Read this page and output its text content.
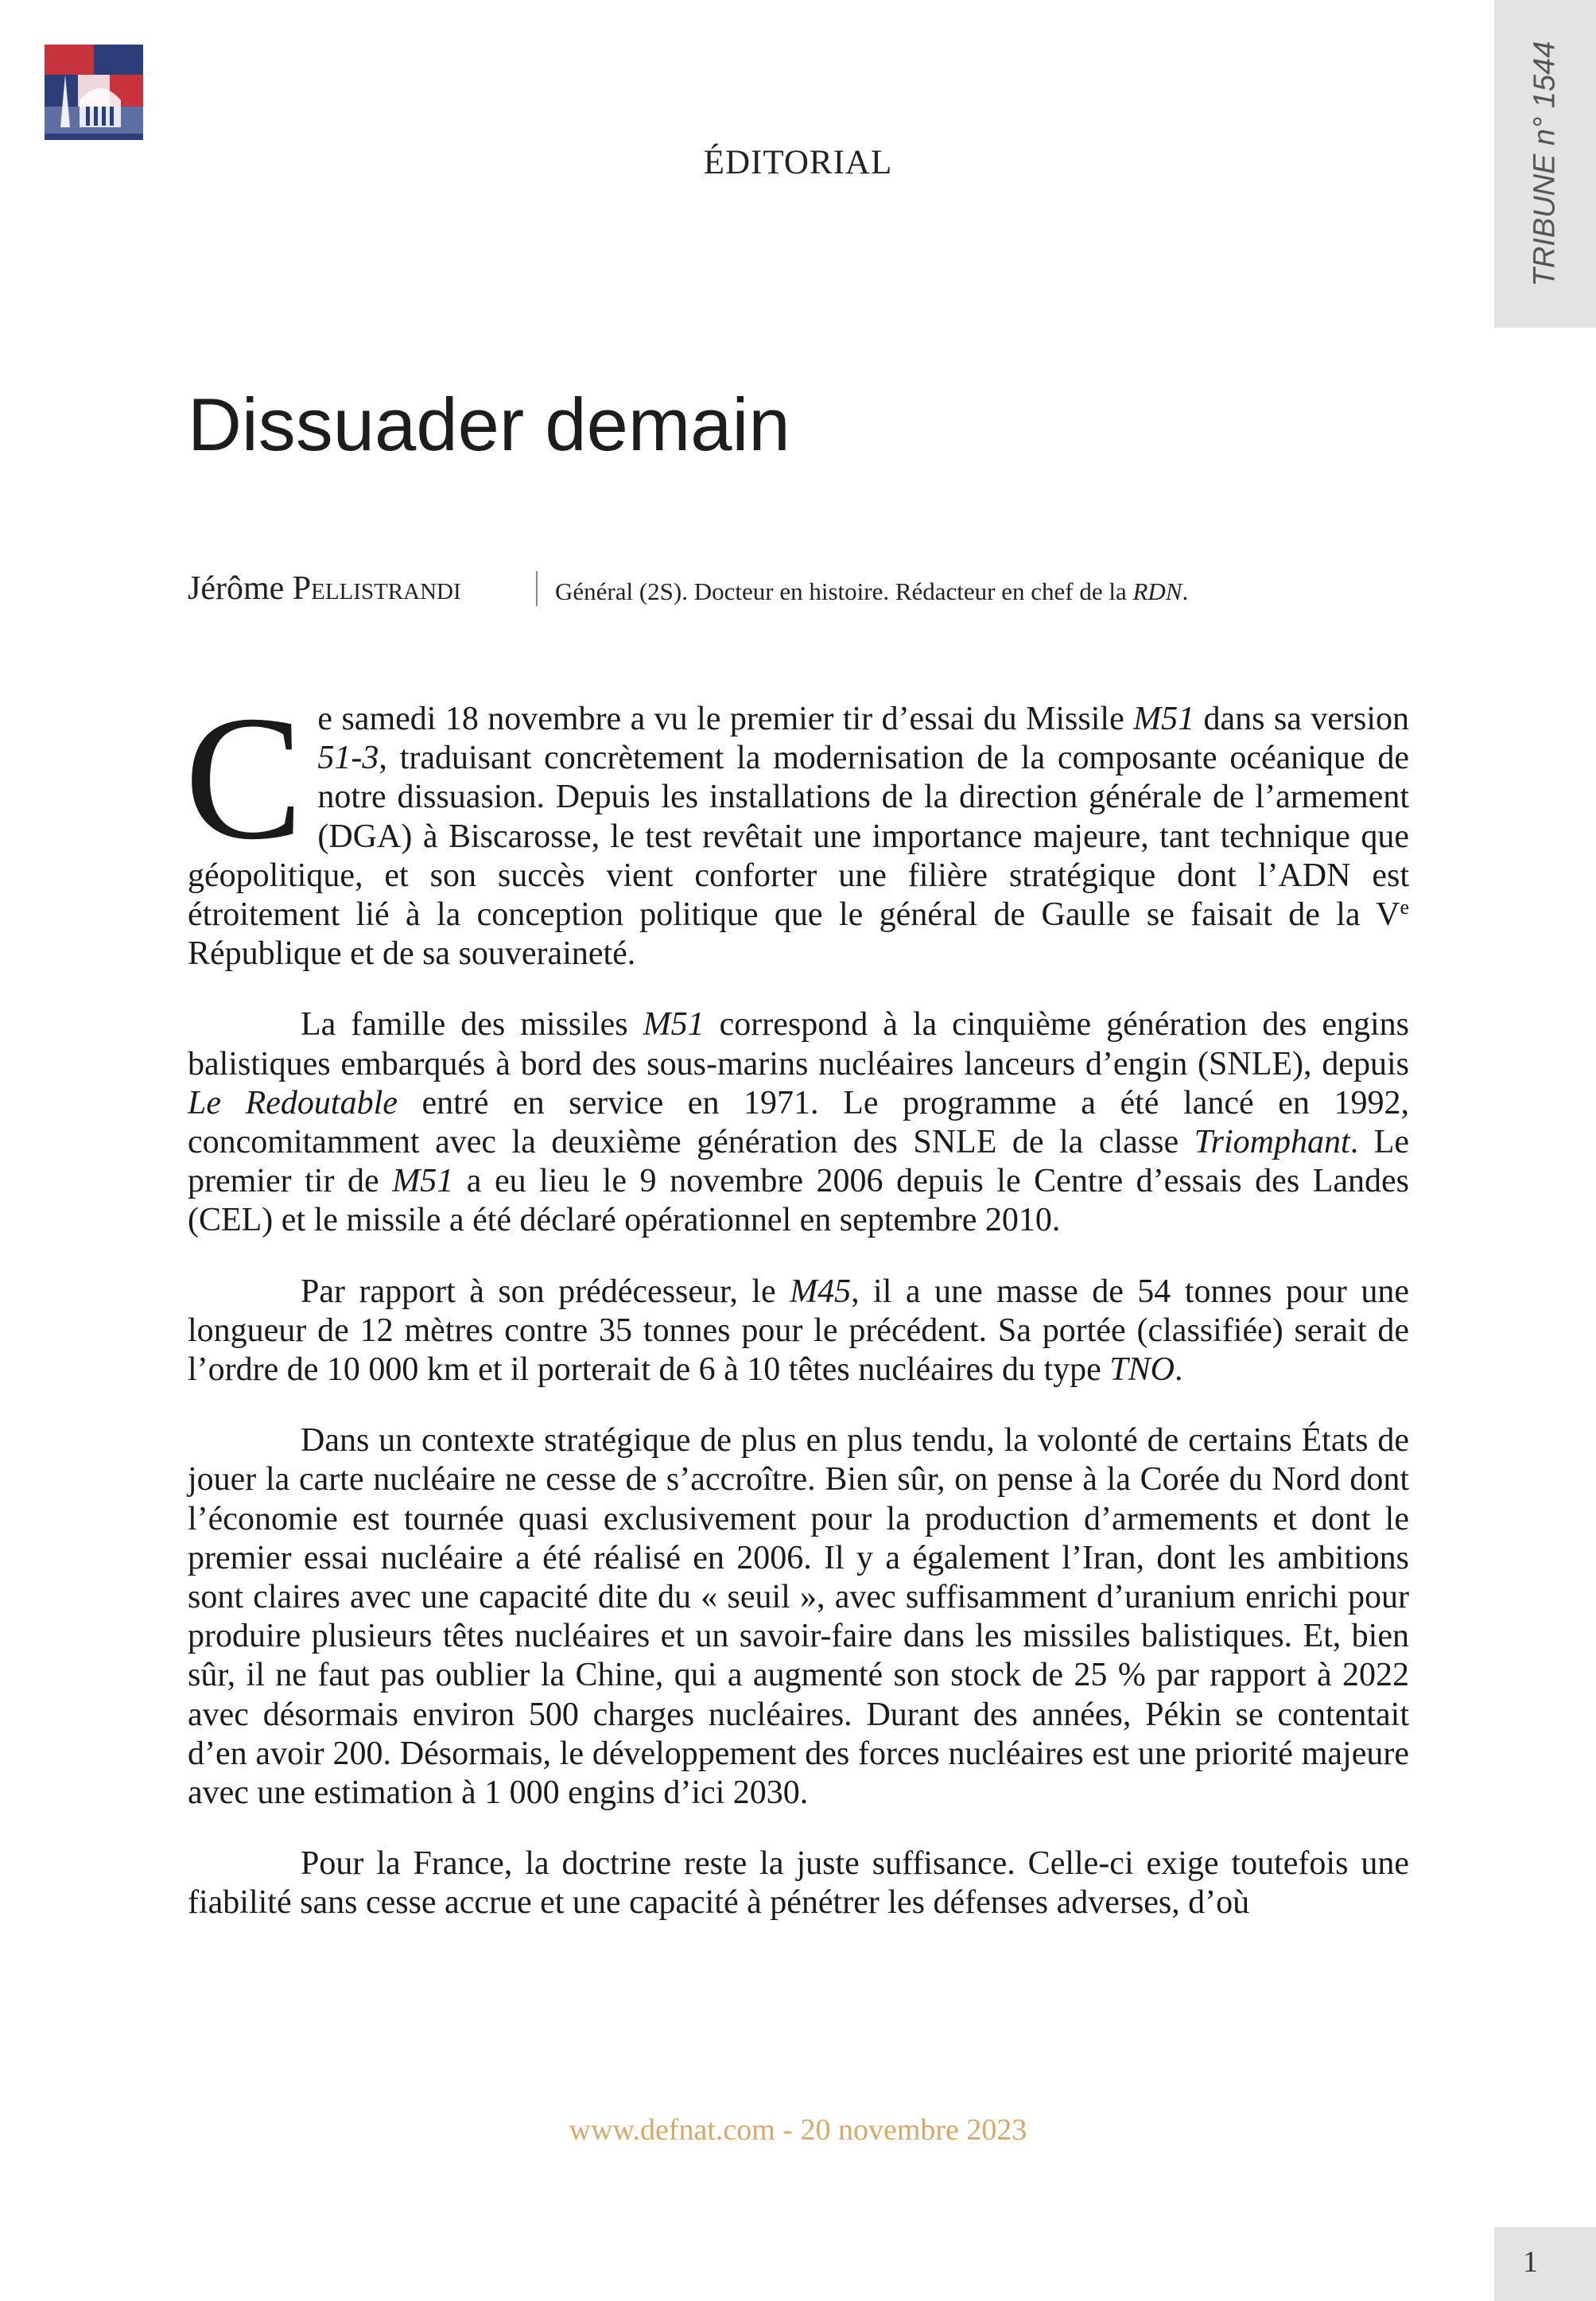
TRIBUNE n° 1544
ÉDITORIAL
Dissuader demain
Jérôme Pellistrandi	Général (2S). Docteur en histoire. Rédacteur en chef de la RDN.

Ce samedi 18 novembre a vu le premier tir d’essai du Missile M51 dans sa version 51-3, traduisant concrètement la modernisation de la composante océanique de notre dissuasion. Depuis les installations de la direction générale de l’armement (DGA) à Biscarosse, le test revêtait une importance majeure, tant technique que géopolitique, et son succès vient conforter une filière stratégique dont l’ADN est étroitement lié à la conception politique que le général de Gaulle se faisait de la Ve République et de sa souveraineté.

La famille des missiles M51 correspond à la cinquième génération des engins balistiques embarqués à bord des sous-marins nucléaires lanceurs d’engin (SNLE), depuis Le Redoutable entré en service en 1971. Le programme a été lancé en 1992, concomitamment avec la deuxième génération des SNLE de la classe Triomphant. Le premier tir de M51 a eu lieu le 9 novembre 2006 depuis le Centre d’essais des Landes (CEL) et le missile a été déclaré opérationnel en septembre 2010.

Par rapport à son prédécesseur, le M45, il a une masse de 54 tonnes pour une longueur de 12 mètres contre 35 tonnes pour le précédent. Sa portée (classifiée) serait de l’ordre de 10 000 km et il porterait de 6 à 10 têtes nucléaires du type TNO.

Dans un contexte stratégique de plus en plus tendu, la volonté de certains États de jouer la carte nucléaire ne cesse de s’accroître. Bien sûr, on pense à la Corée du Nord dont l’économie est tournée quasi exclusivement pour la production d’armements et dont le premier essai nucléaire a été réalisé en 2006. Il y a également l’Iran, dont les ambitions sont claires avec une capacité dite du « seuil », avec suffisamment d’uranium enrichi pour produire plusieurs têtes nucléaires et un savoir-faire dans les missiles balistiques. Et, bien sûr, il ne faut pas oublier la Chine, qui a augmenté son stock de 25 % par rapport à 2022 avec désormais environ 500 charges nucléaires. Durant des années, Pékin se contentait d’en avoir 200. Désormais, le développement des forces nucléaires est une priorité majeure avec une estimation à 1 000 engins d’ici 2030.

Pour la France, la doctrine reste la juste suffisance. Celle-ci exige toutefois une fiabilité sans cesse accrue et une capacité à pénétrer les défenses adverses, d’où

www.defnat.com - 20 novembre 2023
1
